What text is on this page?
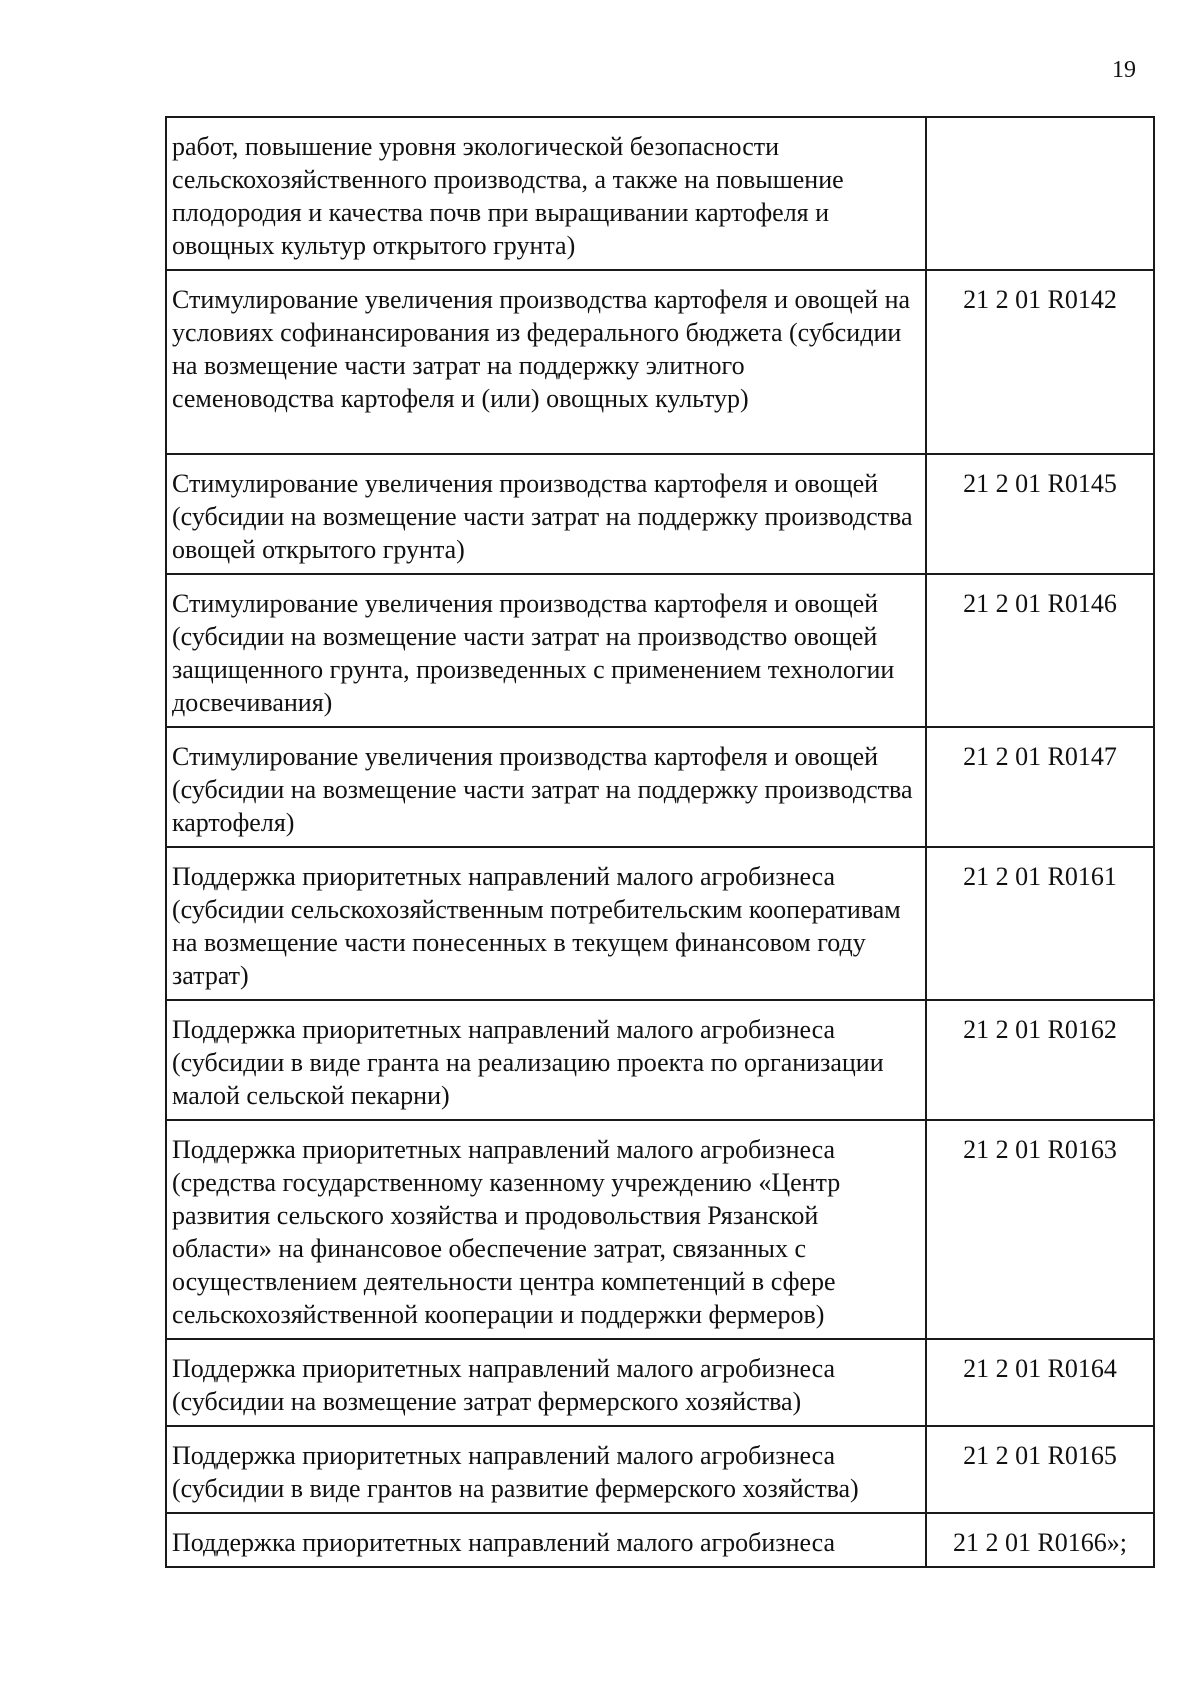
19
работ, повышение уровня экологической безопасности сельскохозяйственного производства, а также на повышение плодородия и качества почв при выращивании картофеля и овощных культур открытого грунта)	
Стимулирование увеличения производства картофеля и овощей на условиях софинансирования из федерального бюджета (субсидии на возмещение части затрат на поддержку элитного семеноводства картофеля и (или) овощных культур)	21 2 01 R0142
Стимулирование увеличения производства картофеля и овощей (субсидии на возмещение части затрат на поддержку производства овощей открытого грунта)	21 2 01 R0145
Стимулирование увеличения производства картофеля и овощей (субсидии на возмещение части затрат на производство овощей защищенного грунта, произведенных с применением технологии досвечивания)	21 2 01 R0146
Стимулирование увеличения производства картофеля и овощей (субсидии на возмещение части затрат на поддержку производства картофеля)	21 2 01 R0147
Поддержка приоритетных направлений малого агробизнеса (субсидии сельскохозяйственным потребительским кооперативам на возмещение части понесенных в текущем финансовом году затрат)	21 2 01 R0161
Поддержка приоритетных направлений малого агробизнеса (субсидии в виде гранта на реализацию проекта по организации малой сельской пекарни)	21 2 01 R0162
Поддержка приоритетных направлений малого агробизнеса (средства государственному казенному учреждению «Центр развития сельского хозяйства и продовольствия Рязанской области» на финансовое обеспечение затрат, связанных с осуществлением деятельности центра компетенций в сфере сельскохозяйственной кооперации и поддержки фермеров)	21 2 01 R0163
Поддержка приоритетных направлений малого агробизнеса (субсидии на возмещение затрат фермерского хозяйства)	21 2 01 R0164
Поддержка приоритетных направлений малого агробизнеса (субсидии в виде грантов на развитие фермерского хозяйства)	21 2 01 R0165
Поддержка приоритетных направлений малого агробизнеса	21 2 01 R0166»;
